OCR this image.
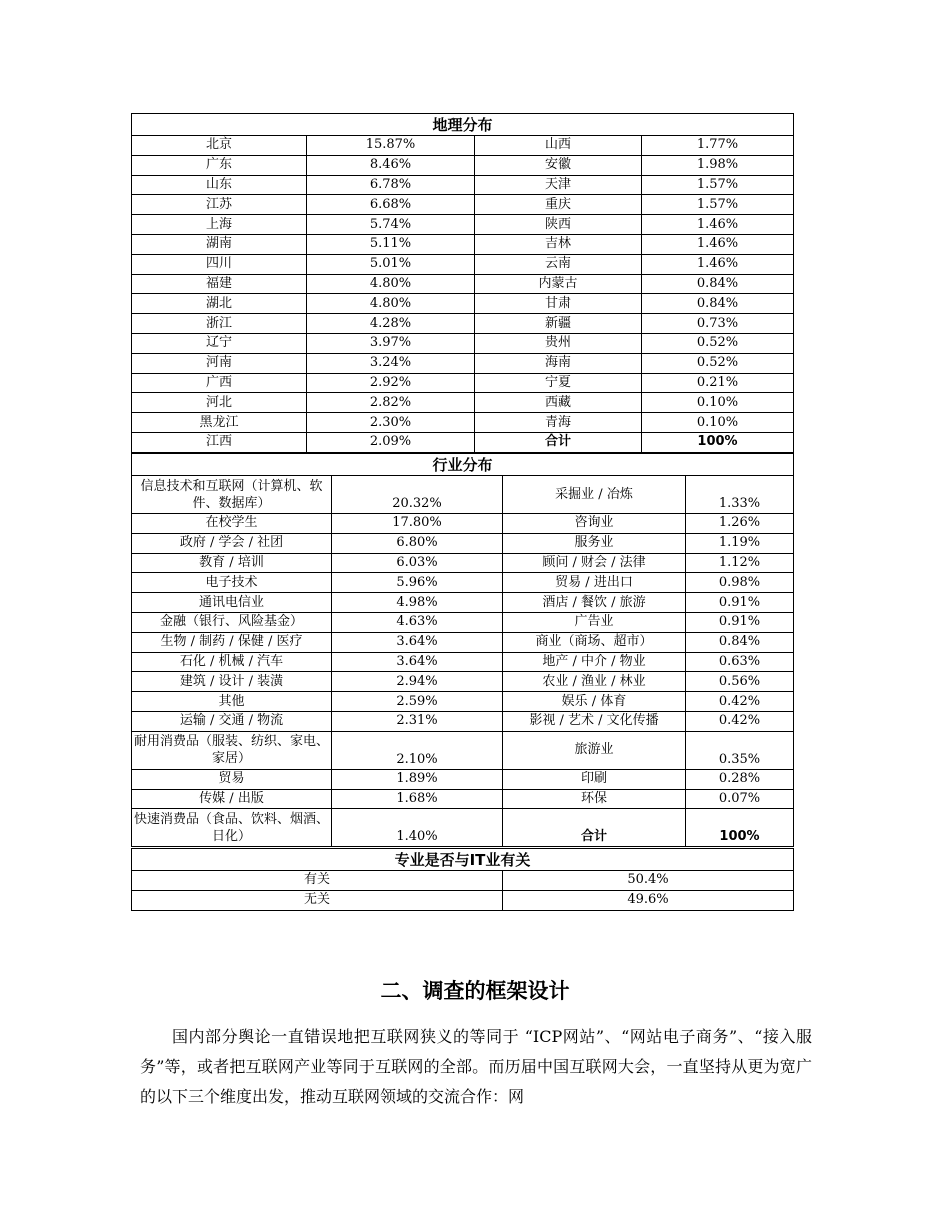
地理分布			
北京	15.87%	山西	1.77%
广东	8.46%	安徽	1.98%
山东	6.78%	天津	1.57%
江苏	6.68%	重庆	1.57%
上海	5.74%	陕西	1.46%
湖南	5.11%	吉林	1.46%
四川	5.01%	云南	1.46%
福建	4.80%	内蒙古	0.84%
湖北	4.80%	甘肃	0.84%
浙江	4.28%	新疆	0.73%
辽宁	3.97%	贵州	0.52%
河南	3.24%	海南	0.52%
广西	2.92%	宁夏	0.21%
河北	2.82%	西藏	0.10%
黑龙江	2.30%	青海	0.10%
江西	2.09%	合计	100%
行业分布			
信息技术和互联网（计算机、软件、数据库）	20.32%	采掘业 / 冶炼	1.33%
在校学生	17.80%	咨询业	1.26%
政府 / 学会 / 社团	6.80%	服务业	1.19%
教育 / 培训	6.03%	顾问 / 财会 / 法律	1.12%
电子技术	5.96%	贸易 / 进出口	0.98%
通讯电信业	4.98%	酒店 / 餐饮 / 旅游	0.91%
金融（银行、风险基金）	4.63%	广告业	0.91%
生物 / 制药 / 保健 / 医疗	3.64%	商业（商场、超市）	0.84%
石化 / 机械 / 汽车	3.64%	地产 / 中介 / 物业	0.63%
建筑 / 设计 / 装潢	2.94%	农业 / 渔业 / 林业	0.56%
其他	2.59%	娱乐 / 体育	0.42%
运输 / 交通 / 物流	2.31%	影视 / 艺术 / 文化传播	0.42%
耐用消费品（服装、纺织、家电、家居）	2.10%	旅游业	0.35%
贸易	1.89%	印刷	0.28%
传媒 / 出版	1.68%	环保	0.07%
快速消费品（食品、饮料、烟酒、日化）	1.40%	合计	100%
专业是否与IT业有关	
有关	50.4%
无关	49.6%
二、调查的框架设计

国内部分舆论一直错误地把互联网狭义的等同于 “ICP网站”、“网站电子商务”、“接入服务”等，或者把互联网产业等同于互联网的全部。而历届中国互联网大会，一直坚持从更为宽广的以下三个维度出发，推动互联网领域的交流合作：网
